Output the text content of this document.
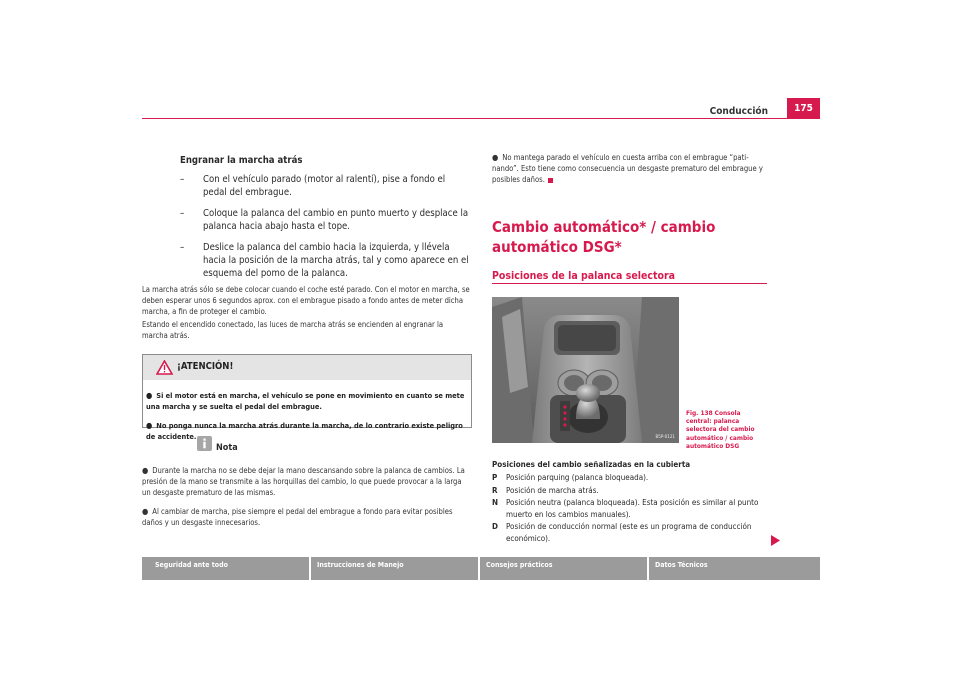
Conducción	175

Engranar la marcha atrás

– Con el vehículo parado (motor al ralentí), pise a fondo el pedal del embrague.
– Coloque la palanca del cambio en punto muerto y desplace la palanca hacia abajo hasta el tope.
– Deslice la palanca del cambio hacia la izquierda, y llévela hacia la posición de la marcha atrás, tal y como aparece en el esquema del pomo de la palanca.
La marcha atrás sólo se debe colocar cuando el coche esté parado. Con el motor en marcha, se deben esperar unos 6 segundos aprox. con el embrague pisado a fondo antes de meter dicha marcha, a fin de proteger el cambio.
Estando el encendido conectado, las luces de marcha atrás se encienden al engranar la marcha atrás.
¡ATENCIÓN!

● Si el motor está en marcha, el vehículo se pone en movimiento en cuanto se mete una marcha y se suelta el pedal del embrague.

● No ponga nunca la marcha atrás durante la marcha, de lo contrario existe peligro de accidente.

Nota

● Durante la marcha no se debe dejar la mano descansando sobre la palanca de cambios. La presión de la mano se transmite a las horquillas del cambio, lo que puede provocar a la larga un desgaste prematuro de las mismas.

● Al cambiar de marcha, pise siempre el pedal del embrague a fondo para evitar posibles daños y un desgaste innecesarios.

● No mantega parado el vehículo en cuesta arriba con el embrague “pati-nando”. Esto tiene como consecuencia un desgaste prematuro del embrague y posibles daños.
Cambio automático* / cambio automático DSG*
Posiciones de la palanca selectora
B5P-0121
Fig. 138 Consola central: palanca selectora del cambio automático / cambio automático DSG
Posiciones del cambio señalizadas en la cubierta
P	Posición parquing (palanca bloqueada).
R	Posición de marcha atrás.
N Posición neutra (palanca bloqueada). Esta posición es similar al punto muerto en los cambios manuales).
D	Posición de conducción normal (este es un programa de conducción económico).
Seguridad ante todo	Instrucciones de Manejo	Consejos prácticos	Datos Técnicos
